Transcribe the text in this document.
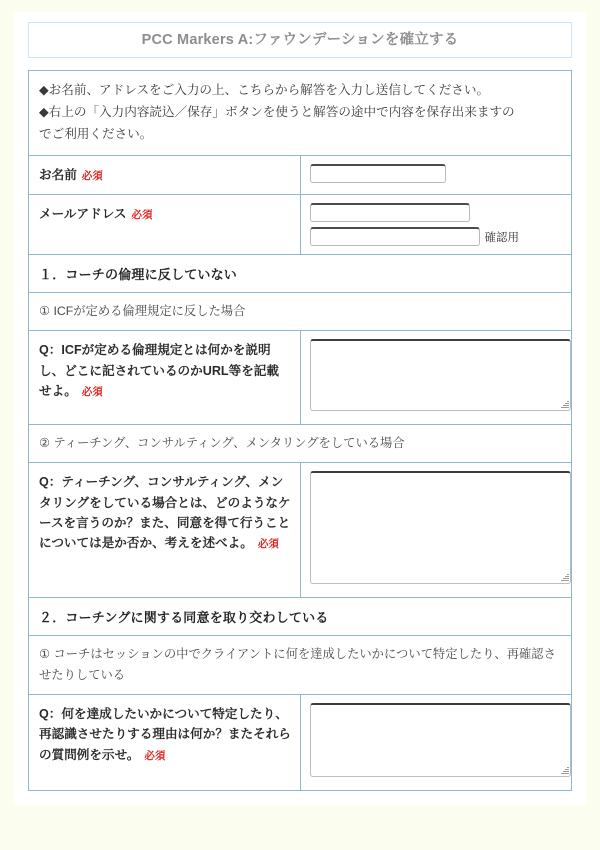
PCC Markers A:ファウンデーションを確立する
◆お名前、アドレスをご入力の上、こちらから解答を入力し送信してください。
◆右上の「入力内容読込／保存」ボタンを使うと解答の途中で内容を保存出来ますの
でご利用ください。	

お名前 必須	

メールアドレス 必須	確認用

１．コーチの倫理に反していない	
① ICFが定める倫理規定に反した場合	
Q：ICFが定める倫理規定とは何かを説明し、どこに記されているのかURL等を記載せよ。 必須	

② ティーチング、コンサルティング、メンタリングをしている場合	
Q：ティーチング、コンサルティング、メンタリングをしている場合とは、どのようなケースを言うのか？また、同意を得て行うことについては是か否か、考えを述べよ。 必須	

２．コーチングに関する同意を取り交わしている	
① コーチはセッションの中でクライアントに何を達成したいかについて特定したり、再確認させたりしている	
Q：何を達成したいかについて特定したり、再認識させたりする理由は何か？またそれらの質問例を示せ。 必須	
